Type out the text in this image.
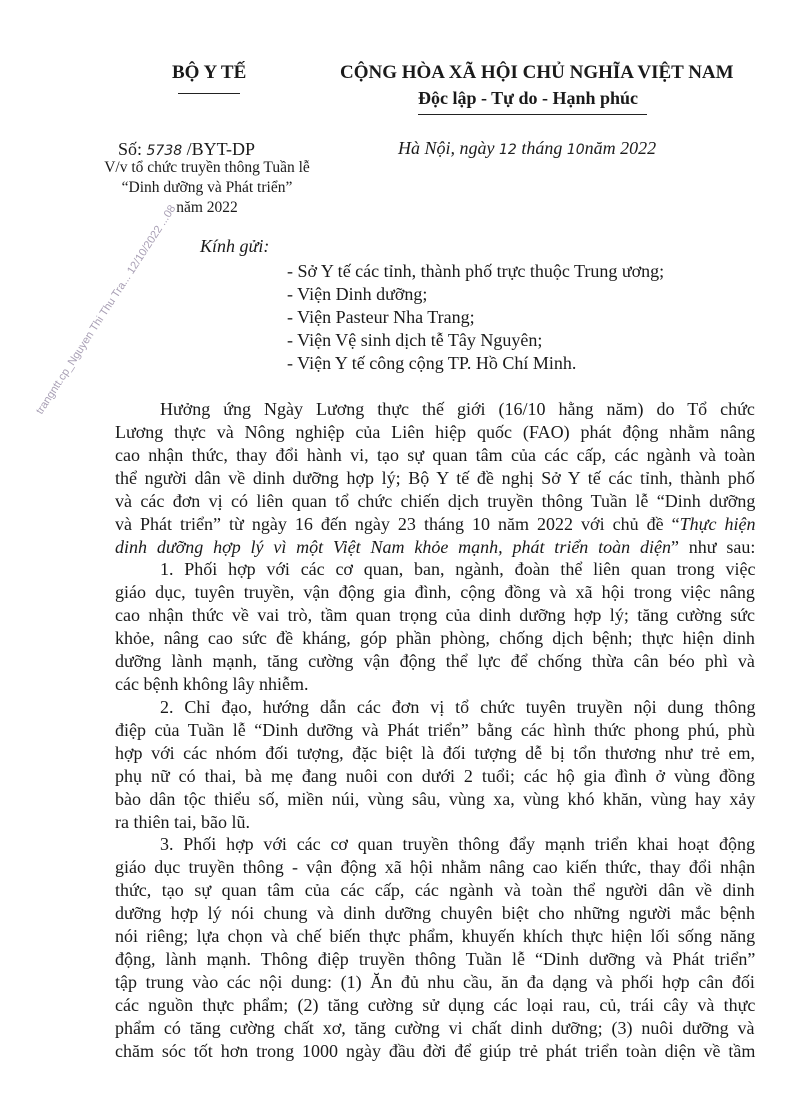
BỘ Y TẾ	CỘNG HÒA XÃ HỘI CHỦ NGHĨA VIỆT NAM
Độc lập - Tự do - Hạnh phúc
Số: 5738 /BYT-DP
V/v tổ chức truyền thông Tuần lễ
“Dinh dưỡng và Phát triển”
năm 2022
Hà Nội, ngày 12 tháng 10năm 2022
trangntt.cp_Nguyen Thi Thu Tra... 12/10/2022 ...08 Kính gửi:
- Sở Y tế các tỉnh, thành phố trực thuộc Trung ương;
- Viện Dinh dưỡng;
- Viện Pasteur Nha Trang;
- Viện Vệ sinh dịch tễ Tây Nguyên;
- Viện Y tế công cộng TP. Hồ Chí Minh.
Hưởng ứng Ngày Lương thực thế giới (16/10 hằng năm) do Tổ chức
Lương thực và Nông nghiệp của Liên hiệp quốc (FAO) phát động nhằm nâng
cao nhận thức, thay đổi hành vi, tạo sự quan tâm của các cấp, các ngành và toàn
thể người dân về dinh dưỡng hợp lý; Bộ Y tế đề nghị Sở Y tế các tỉnh, thành phố
và các đơn vị có liên quan tổ chức chiến dịch truyền thông Tuần lễ “Dinh dưỡng
và Phát triển” từ ngày 16 đến ngày 23 tháng 10 năm 2022 với chủ đề “Thực hiện
dinh dưỡng hợp lý vì một Việt Nam khỏe mạnh, phát triển toàn diện” như sau:
1. Phối hợp với các cơ quan, ban, ngành, đoàn thể liên quan trong việc
giáo dục, tuyên truyền, vận động gia đình, cộng đồng và xã hội trong việc nâng
cao nhận thức về vai trò, tầm quan trọng của dinh dưỡng hợp lý; tăng cường sức
khỏe, nâng cao sức đề kháng, góp phần phòng, chống dịch bệnh; thực hiện dinh
dưỡng lành mạnh, tăng cường vận động thể lực để chống thừa cân béo phì và
các bệnh không lây nhiễm.
2. Chỉ đạo, hướng dẫn các đơn vị tổ chức tuyên truyền nội dung thông
điệp của Tuần lễ “Dinh dưỡng và Phát triển” bằng các hình thức phong phú, phù
hợp với các nhóm đối tượng, đặc biệt là đối tượng dễ bị tổn thương như trẻ em,
phụ nữ có thai, bà mẹ đang nuôi con dưới 2 tuổi; các hộ gia đình ở vùng đồng
bào dân tộc thiểu số, miền núi, vùng sâu, vùng xa, vùng khó khăn, vùng hay xảy
ra thiên tai, bão lũ.
3. Phối hợp với các cơ quan truyền thông đẩy mạnh triển khai hoạt động
giáo dục truyền thông - vận động xã hội nhằm nâng cao kiến thức, thay đổi nhận
thức, tạo sự quan tâm của các cấp, các ngành và toàn thể người dân về dinh
dưỡng hợp lý nói chung và dinh dưỡng chuyên biệt cho những người mắc bệnh
nói riêng; lựa chọn và chế biến thực phẩm, khuyến khích thực hiện lối sống năng
động, lành mạnh. Thông điệp truyền thông Tuần lễ “Dinh dưỡng và Phát triển”
tập trung vào các nội dung: (1) Ăn đủ nhu cầu, ăn đa dạng và phối hợp cân đối
các nguồn thực phẩm; (2) tăng cường sử dụng các loại rau, củ, trái cây và thực
phẩm có tăng cường chất xơ, tăng cường vi chất dinh dưỡng; (3) nuôi dưỡng và
chăm sóc tốt hơn trong 1000 ngày đầu đời để giúp trẻ phát triển toàn diện về tầm
